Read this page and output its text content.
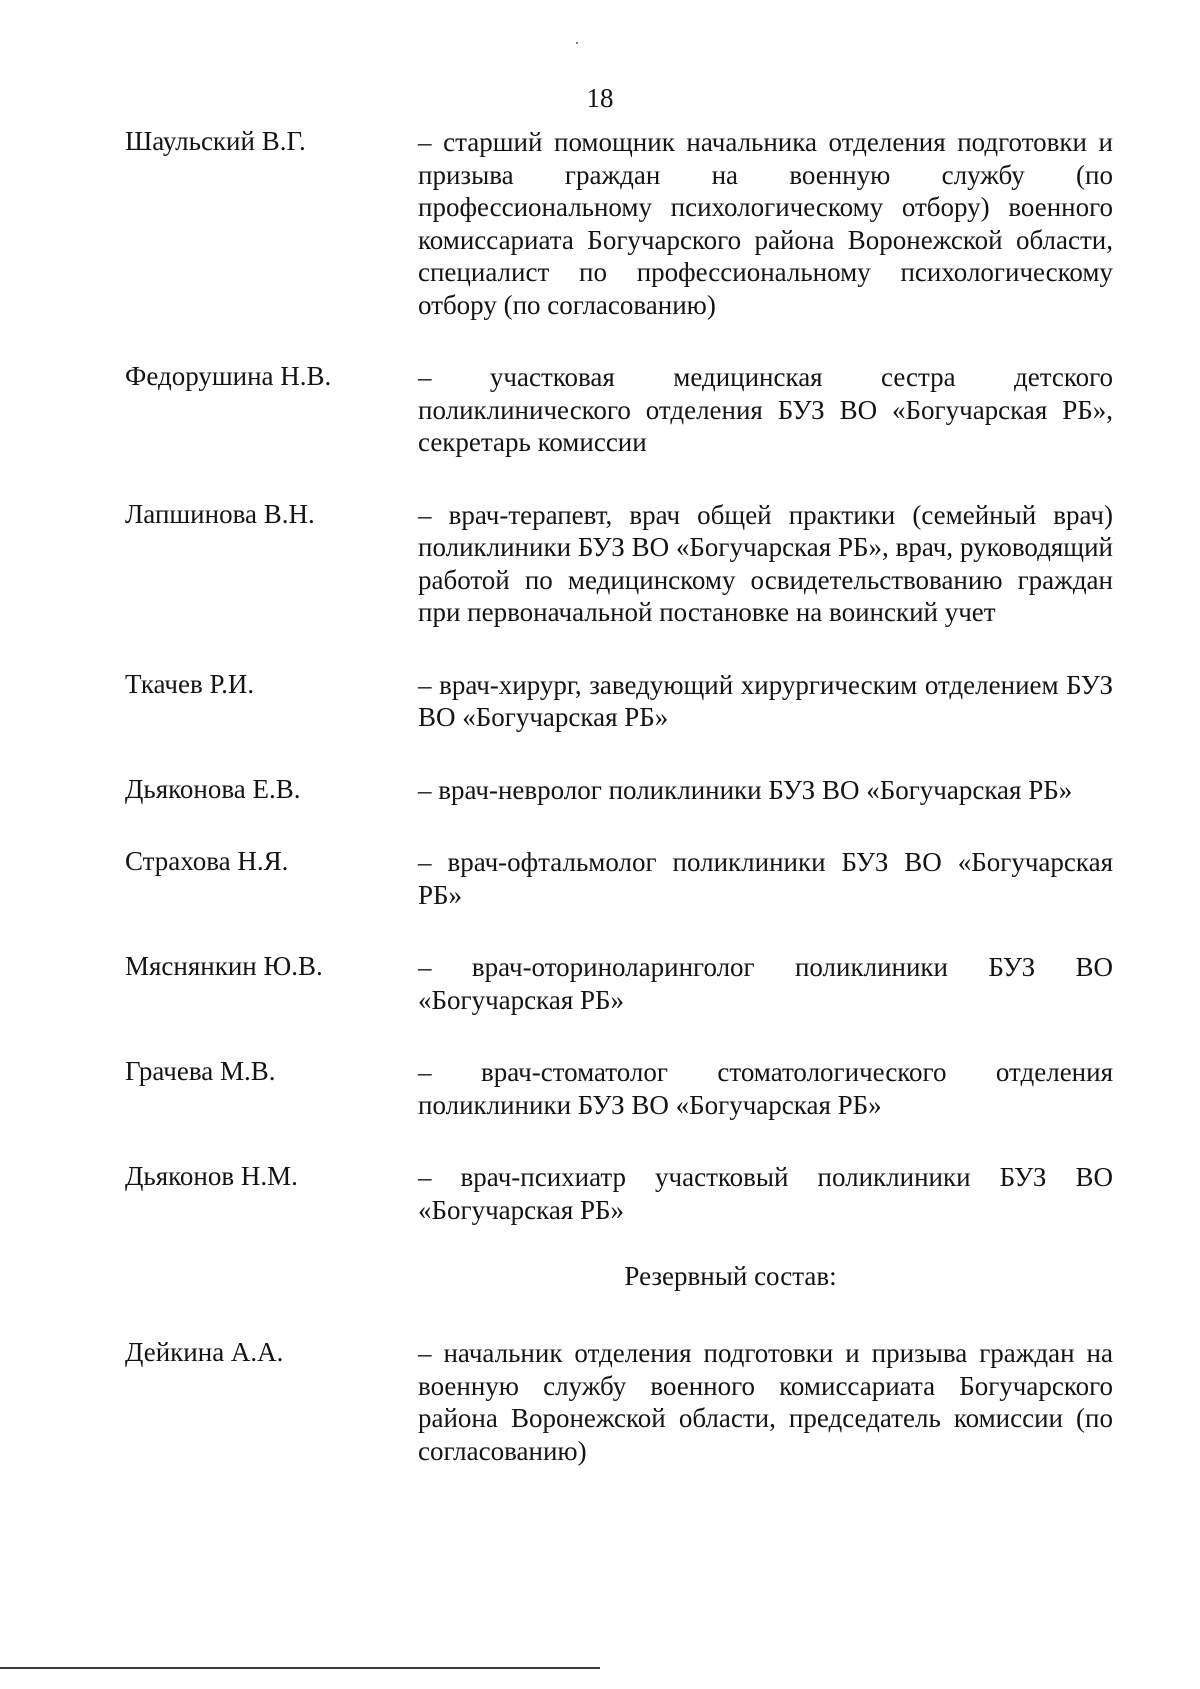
18
Шаульский В.Г.	– старший помощник начальника отделения подготовки и призыва граждан на военную службу (по профессиональному психологическому отбору) военного комиссариата Богучарского района Воронежской области, специалист по профессиональному психологическому отбору (по согласованию)
Федорушина Н.В.	– участковая медицинская сестра детского поликлинического отделения БУЗ ВО «Богучарская РБ», секретарь комиссии
Лапшинова В.Н.	– врач-терапевт, врач общей практики (семейный врач) поликлиники БУЗ ВО «Богучарская РБ», врач, руководящий работой по медицинскому освидетельствованию граждан при первоначальной постановке на воинский учет
Ткачев Р.И.	– врач-хирург, заведующий хирургическим отделением БУЗ ВО «Богучарская РБ»
Дьяконова Е.В.	– врач-невролог поликлиники БУЗ ВО «Богучарская РБ»
Страхова Н.Я.	– врач-офтальмолог поликлиники БУЗ ВО «Богучарская РБ»
Мяснянкин Ю.В.	– врач-оториноларинголог поликлиники БУЗ ВО «Богучарская РБ»
Грачева М.В.	– врач-стоматолог стоматологического отделения поликлиники БУЗ ВО «Богучарская РБ»
Дьяконов Н.М.	– врач-психиатр участковый поликлиники БУЗ ВО «Богучарская РБ»
Резервный состав:
Дейкина А.А.	– начальник отделения подготовки и призыва граждан на военную службу военного комиссариата Богучарского района Воронежской области, председатель комиссии (по согласованию)
